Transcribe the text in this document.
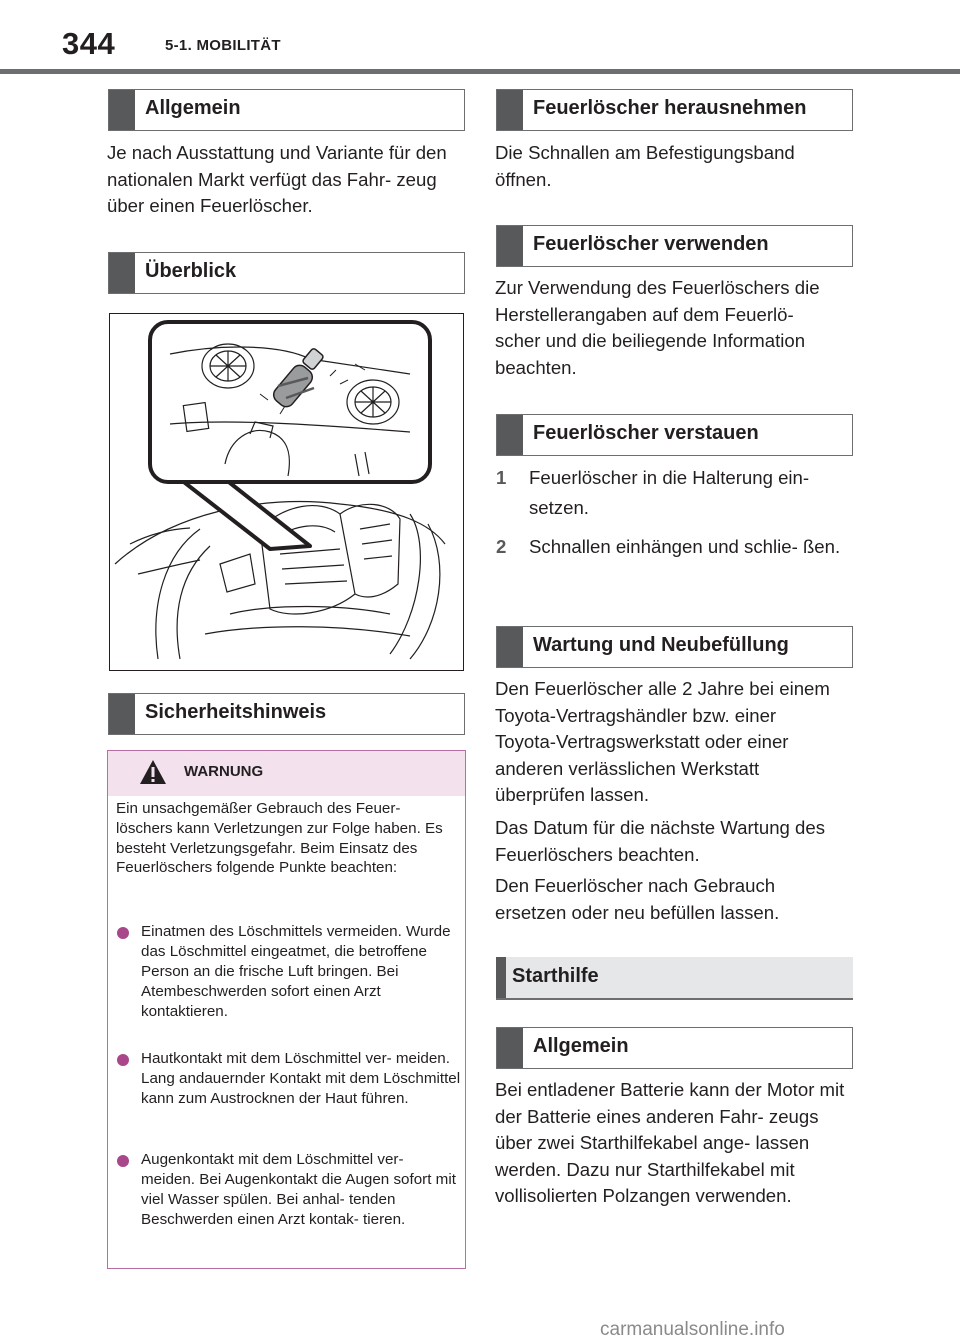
344	5-1. MOBILITÄT
Allgemein

Je nach Ausstattung und Variante für den nationalen Markt verfügt das Fahr- zeug über einen Feuerlöscher.

Überblick
Sicherheitshinweis
WARNUNG

Ein unsachgemäßer Gebrauch des Feuer- löschers kann Verletzungen zur Folge haben. Es besteht Verletzungsgefahr. Beim Einsatz des Feuerlöschers folgende Punkte beachten:

Einatmen des Löschmittels vermeiden. Wurde das Löschmittel eingeatmet, die betroffene Person an die frische Luft bringen. Bei Atembeschwerden sofort einen Arzt kontaktieren.
Hautkontakt mit dem Löschmittel ver- meiden. Lang andauernder Kontakt mit dem Löschmittel kann zum Austrocknen der Haut führen.
Augenkontakt mit dem Löschmittel ver- meiden. Bei Augenkontakt die Augen sofort mit viel Wasser spülen. Bei anhal- tenden Beschwerden einen Arzt kontak- tieren.
Feuerlöscher herausnehmen

Die Schnallen am Befestigungsband öffnen.

Feuerlöscher verwenden

Zur Verwendung des Feuerlöschers die Herstellerangaben auf dem Feuerlö- scher und die beiliegende Information beachten.

Feuerlöscher verstauen
1 Feuerlöscher in die Halterung ein- setzen.
2 Schnallen einhängen und schlie- ßen.
Wartung und Neubefüllung

Den Feuerlöscher alle 2 Jahre bei einem Toyota-Vertragshändler bzw. einer Toyota-Vertragswerkstatt oder einer anderen verlässlichen Werkstatt überprüfen lassen.

Das Datum für die nächste Wartung des Feuerlöschers beachten.

Den Feuerlöscher nach Gebrauch ersetzen oder neu befüllen lassen.

Starthilfe
Allgemein

Bei entladener Batterie kann der Motor mit der Batterie eines anderen Fahr- zeugs über zwei Starthilfekabel ange- lassen werden. Dazu nur Starthilfekabel mit vollisolierten Polzangen verwenden.

carmanualsonline.info
